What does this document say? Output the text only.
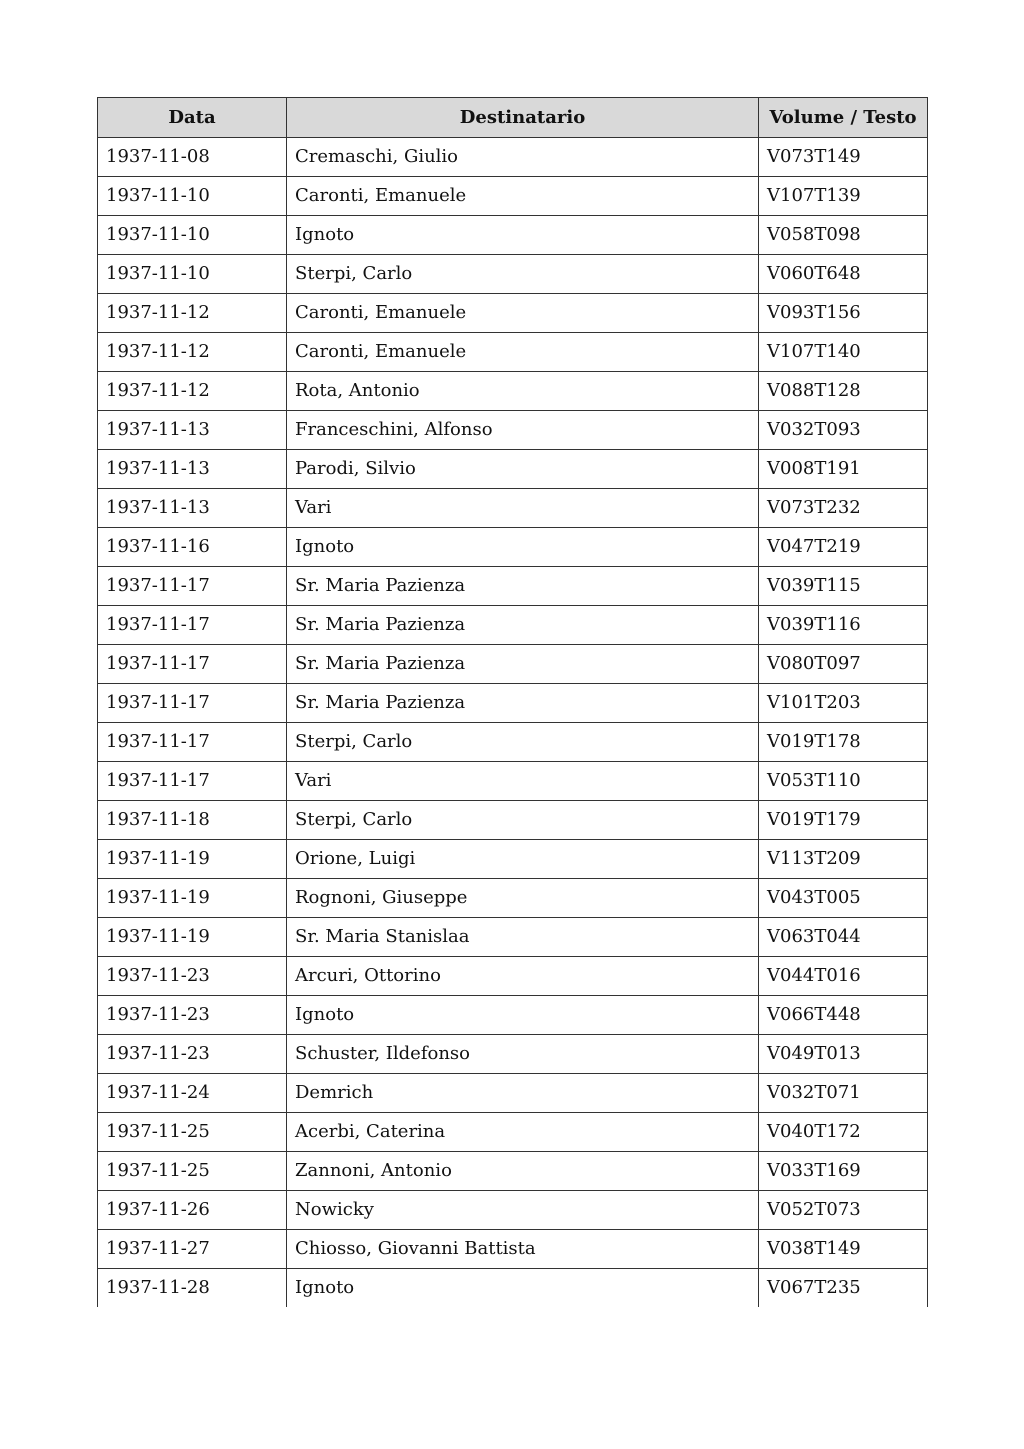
Data	Destinatario	Volume / Testo
1937-11-08	Cremaschi, Giulio	V073T149
1937-11-10	Caronti, Emanuele	V107T139
1937-11-10	Ignoto	V058T098
1937-11-10	Sterpi, Carlo	V060T648
1937-11-12	Caronti, Emanuele	V093T156
1937-11-12	Caronti, Emanuele	V107T140
1937-11-12	Rota, Antonio	V088T128
1937-11-13	Franceschini, Alfonso	V032T093
1937-11-13	Parodi, Silvio	V008T191
1937-11-13	Vari	V073T232
1937-11-16	Ignoto	V047T219
1937-11-17	Sr. Maria Pazienza	V039T115
1937-11-17	Sr. Maria Pazienza	V039T116
1937-11-17	Sr. Maria Pazienza	V080T097
1937-11-17	Sr. Maria Pazienza	V101T203
1937-11-17	Sterpi, Carlo	V019T178
1937-11-17	Vari	V053T110
1937-11-18	Sterpi, Carlo	V019T179
1937-11-19	Orione, Luigi	V113T209
1937-11-19	Rognoni, Giuseppe	V043T005
1937-11-19	Sr. Maria Stanislaa	V063T044
1937-11-23	Arcuri, Ottorino	V044T016
1937-11-23	Ignoto	V066T448
1937-11-23	Schuster, Ildefonso	V049T013
1937-11-24	Demrich	V032T071
1937-11-25	Acerbi, Caterina	V040T172
1937-11-25	Zannoni, Antonio	V033T169
1937-11-26	Nowicky	V052T073
1937-11-27	Chiosso, Giovanni Battista	V038T149
1937-11-28	Ignoto	V067T235
